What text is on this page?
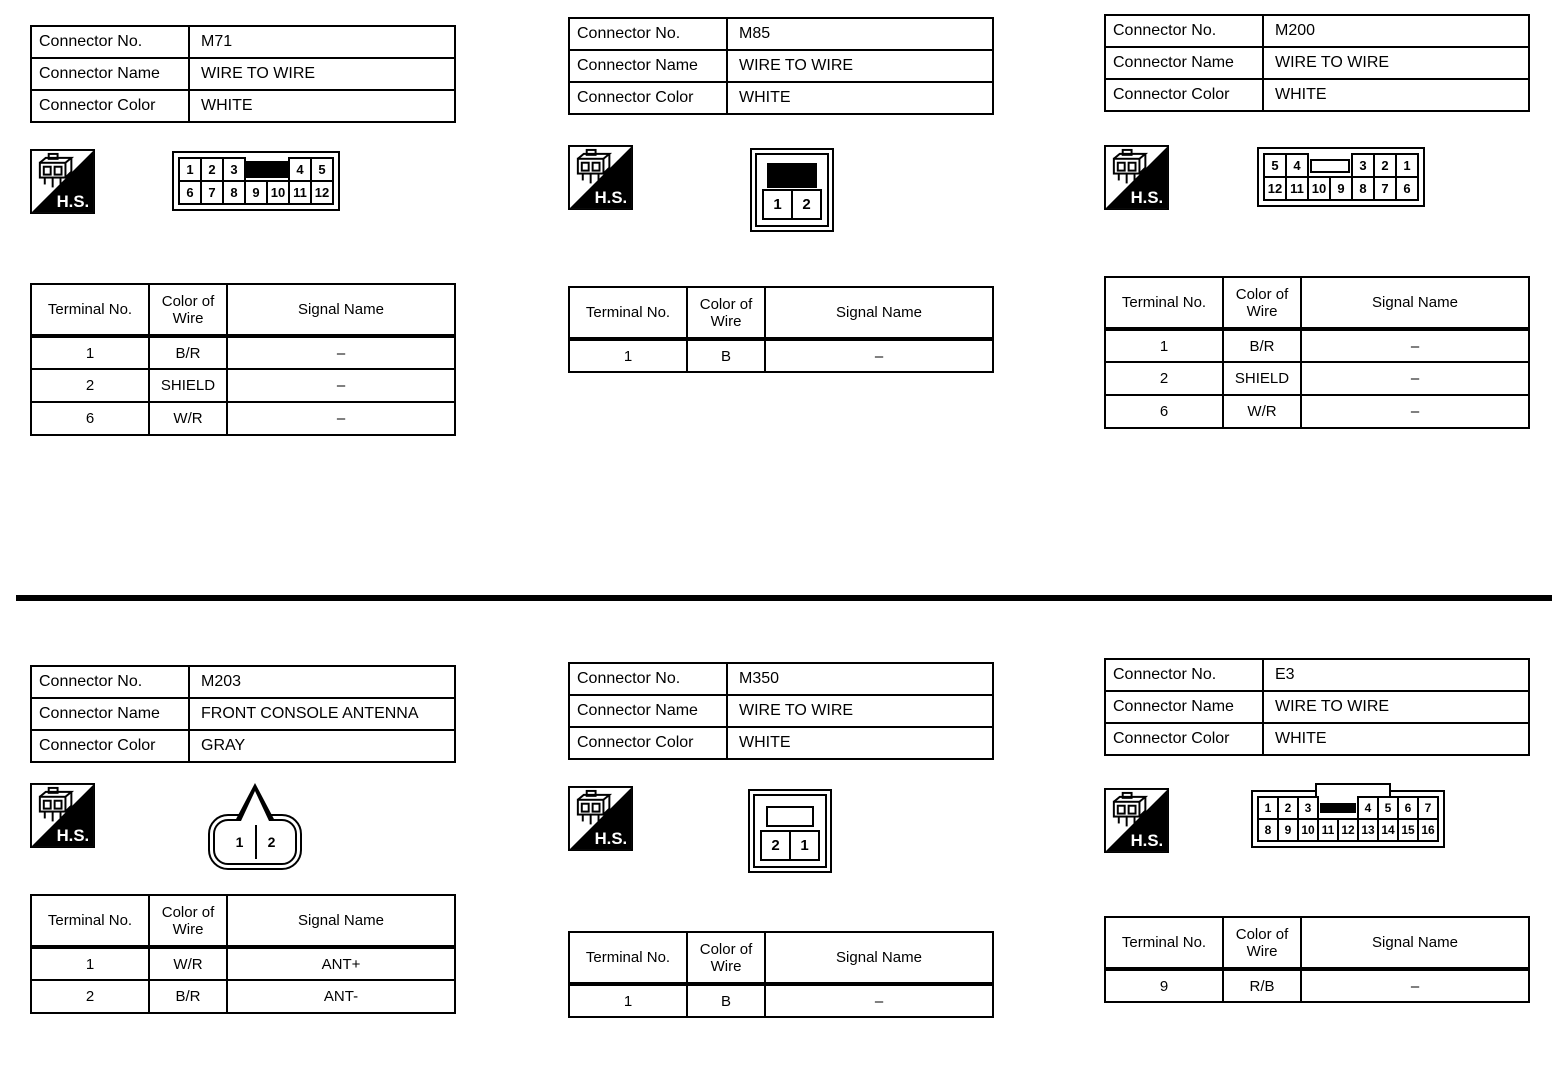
Connector No.	M71
Connector Name	WIRE TO WIRE
Connector Color	WHITE
H.S.
1	2	3	4	5
6	7	8	9 10 11 12
Terminal No.	Color of Wire	Signal Name
1	B/R	–
2	SHIELD	–
6	W/R	–
Connector No.	M85
Connector Name	WIRE TO WIRE
Connector Color	WHITE
H.S.	1	2
Terminal No.	Color of Wire	Signal Name
1	B	–
Connector No.	M200
Connector Name	WIRE TO WIRE
Connector Color	WHITE
H.S.
5	4	3	2	1
12 11 10 9	8	7	6
Terminal No.	Color of Wire	Signal Name
1	B/R	–
2	SHIELD	–
6	W/R	–
Connector No.	M203
Connector Name	FRONT CONSOLE ANTENNA
Connector Color	GRAY
H.S.	1	2
Terminal No.	Color of Wire	Signal Name
1	W/R	ANT+
2	B/R	ANT-
Connector No.	M350
Connector Name	WIRE TO WIRE
Connector Color	WHITE
H.S.	2	1
Terminal No.	Color of Wire	Signal Name
1	B	–
Connector No.	E3
Connector Name	WIRE TO WIRE
Connector Color	WHITE
H.S.
1	2	3	4	5	6	7
8	9 10 11 12 13 14 15 16
Terminal No.	Color of Wire	Signal Name
9	R/B	–
